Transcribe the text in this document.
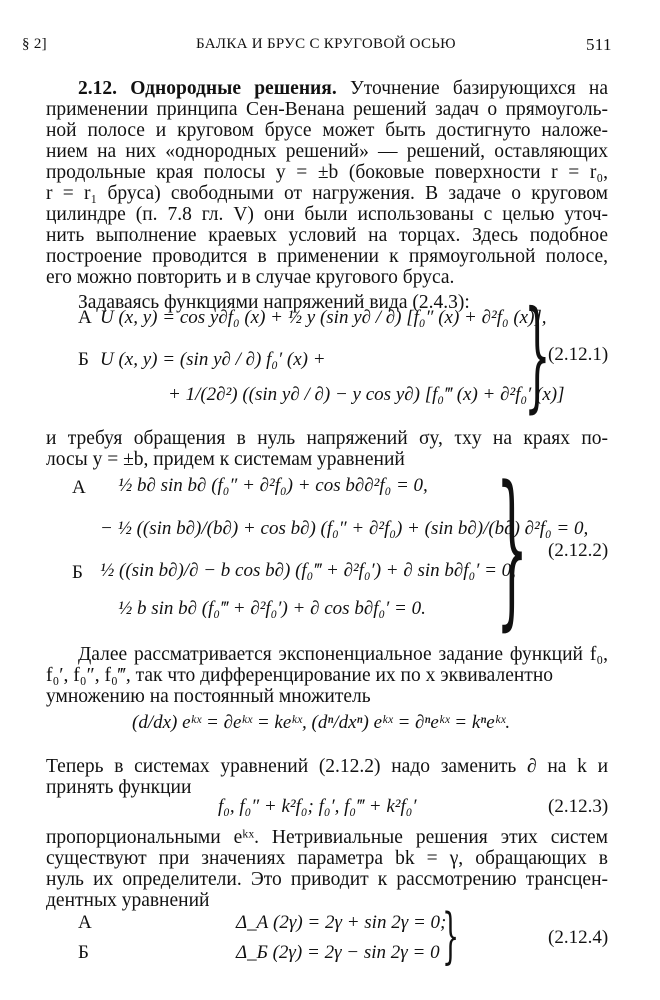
§ 2]	БАЛКА И БРУС С КРУГОВОЙ ОСЬЮ	511
2.12. Однородные решения. Уточнение базирующихся на
применении принципа Сен-Венана решений задач о прямоуголь-
ной полосе и круговом брусе может быть достигнуто наложе-
нием на них «однородных решений» — решений, оставляющих
продольные края полосы y = ±b (боковые поверхности r = r₀,
r = r₁ бруса) свободными от нагружения. В задаче о круговом
цилиндре (п. 7.8 гл. V) они были использованы с целью уточ-
нить выполнение краевых условий на торцах. Здесь подобное
построение проводится в применении к прямоугольной полосе,
его можно повторить и в случае кругового бруса.
Задаваясь функциями напряжений вида (2.4.3):
А U (x, y) = cos y∂f₀ (x) + ½ y (sin y∂ / ∂) [f₀″ (x) + ∂²f₀ (x)],
Б U (x, y) = (sin y∂ / ∂) f₀′ (x) +
+ 1/(2∂²) ((sin y∂ / ∂) − y cos y∂) [f₀‴ (x) + ∂²f₀′ (x)]
}
(2.12.1)
и требуя обращения в нуль напряжений σy, τxy на краях по-
лосы y = ±b, придем к системам уравнений
А ½ b∂ sin b∂ (f₀″ + ∂²f₀) + cos b∂∂²f₀ = 0,
− ½ ((sin b∂)/(b∂) + cos b∂) (f₀″ + ∂²f₀) + (sin b∂)/(b∂) ∂²f₀ = 0,
Б ½ ((sin b∂)/∂ − b cos b∂) (f₀‴ + ∂²f₀′) + ∂ sin b∂f₀′ = 0,
½ b sin b∂ (f₀‴ + ∂²f₀′) + ∂ cos b∂f₀′ = 0. } (2.12.2)
Далее рассматривается экспоненциальное задание функций f₀,
f₀′, f₀″, f₀‴, так что дифференцирование их по x эквивалентно
умножению на постоянный множитель
(d/dx) eᵏˣ = ∂eᵏˣ = keᵏˣ, (dⁿ/dxⁿ) eᵏˣ = ∂ⁿeᵏˣ = kⁿeᵏˣ.
Теперь в системах уравнений (2.12.2) надо заменить ∂ на k и
принять функции
f₀, f₀″ + k²f₀; f₀′, f₀‴ + k²f₀′	(2.12.3)
пропорциональными eᵏˣ. Нетривиальные решения этих систем
существуют при значениях параметра bk = γ, обращающих в
нуль их определители. Это приводит к рассмотрению трансцен-
дентных уравнений
А	Δ_А (2γ) = 2γ + sin 2γ = 0;
Б	Δ_Б (2γ) = 2γ − sin 2γ = 0 }	(2.12.4)
